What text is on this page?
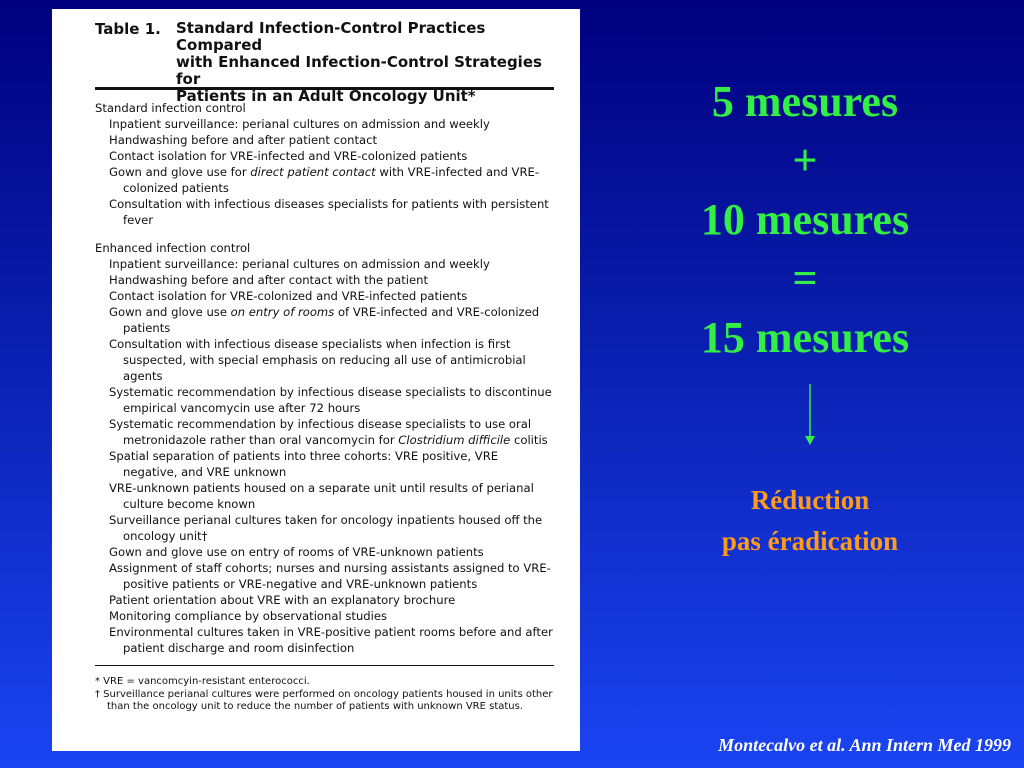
Table 1. Standard Infection-Control Practices Compared
with Enhanced Infection-Control Strategies for
Patients in an Adult Oncology Unit*
Standard infection control
Inpatient surveillance: perianal cultures on admission and weekly
Handwashing before and after patient contact
Contact isolation for VRE-infected and VRE-colonized patients
Gown and glove use for direct patient contact with VRE-infected and VRE-colonized patients
Consultation with infectious diseases specialists for patients with persistent fever
Enhanced infection control
Inpatient surveillance: perianal cultures on admission and weekly
Handwashing before and after contact with the patient
Contact isolation for VRE-colonized and VRE-infected patients
Gown and glove use on entry of rooms of VRE-infected and VRE-colonized patients
Consultation with infectious disease specialists when infection is first suspected, with special emphasis on reducing all use of antimicrobial agents
Systematic recommendation by infectious disease specialists to discontinue empirical vancomycin use after 72 hours
Systematic recommendation by infectious disease specialists to use oral metronidazole rather than oral vancomycin for Clostridium difficile colitis
Spatial separation of patients into three cohorts: VRE positive, VRE negative, and VRE unknown
VRE-unknown patients housed on a separate unit until results of perianal culture become known
Surveillance perianal cultures taken for oncology inpatients housed off the oncology unit†
Gown and glove use on entry of rooms of VRE-unknown patients
Assignment of staff cohorts; nurses and nursing assistants assigned to VRE-positive patients or VRE-negative and VRE-unknown patients
Patient orientation about VRE with an explanatory brochure
Monitoring compliance by observational studies
Environmental cultures taken in VRE-positive patient rooms before and after patient discharge and room disinfection
* VRE = vancomcyin-resistant enterococci.
† Surveillance perianal cultures were performed on oncology patients housed in units other than the oncology unit to reduce the number of patients with unknown VRE status.
5 mesures
+
10 mesures
=
15 mesures
Réduction
pas éradication
Montecalvo et al. Ann Intern Med 1999
